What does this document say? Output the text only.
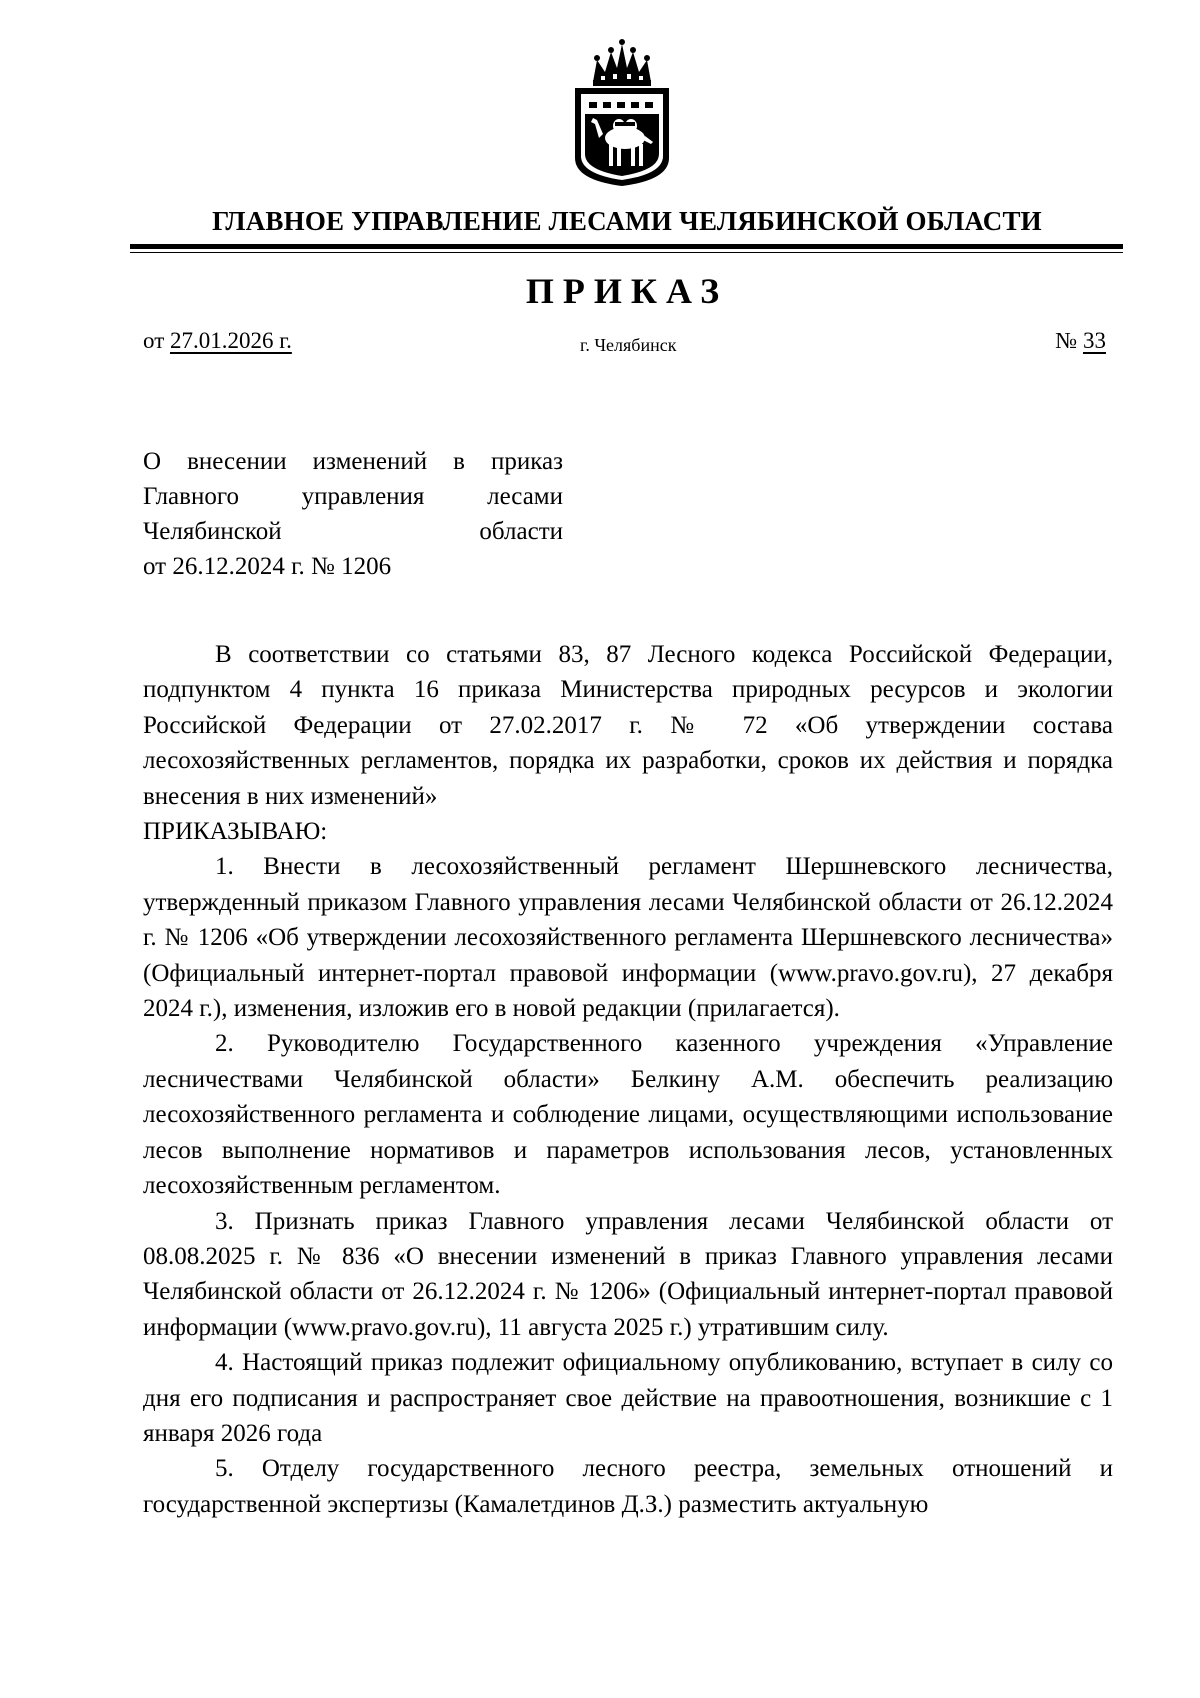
ГЛАВНОЕ УПРАВЛЕНИЕ ЛЕСАМИ ЧЕЛЯБИНСКОЙ ОБЛАСТИ
ПРИКАЗ
от 27.01.2026 г.	г. Челябинск	№ 33
О внесении изменений в приказ
Главного управления лесами
Челябинской области
от 26.12.2024 г. № 1206

В соответствии со статьями 83, 87 Лесного кодекса Российской Федерации, подпунктом 4 пункта 16 приказа Министерства природных ресурсов и экологии Российской Федерации от 27.02.2017 г. № 72 «Об утверждении состава лесохозяйственных регламентов, порядка их разработки, сроков их действия и порядка внесения в них изменений»

ПРИКАЗЫВАЮ:

1. Внести в лесохозяйственный регламент Шершневского лесничества, утвержденный приказом Главного управления лесами Челябинской области от 26.12.2024 г. № 1206 «Об утверждении лесохозяйственного регламента Шершневского лесничества» (Официальный интернет-портал правовой информации (www.pravo.gov.ru), 27 декабря 2024 г.), изменения, изложив его в новой редакции (прилагается).

2. Руководителю Государственного казенного учреждения «Управление лесничествами Челябинской области» Белкину А.М. обеспечить реализацию лесохозяйственного регламента и соблюдение лицами, осуществляющими использование лесов выполнение нормативов и параметров использования лесов, установленных лесохозяйственным регламентом.

3. Признать приказ Главного управления лесами Челябинской области от 08.08.2025 г. № 836 «О внесении изменений в приказ Главного управления лесами Челябинской области от 26.12.2024 г. № 1206» (Официальный интернет-портал правовой информации (www.pravo.gov.ru), 11 августа 2025 г.) утратившим силу.

4. Настоящий приказ подлежит официальному опубликованию, вступает в силу со дня его подписания и распространяет свое действие на правоотношения, возникшие с 1 января 2026 года

5. Отделу государственного лесного реестра, земельных отношений и государственной экспертизы (Камалетдинов Д.З.) разместить актуальную
